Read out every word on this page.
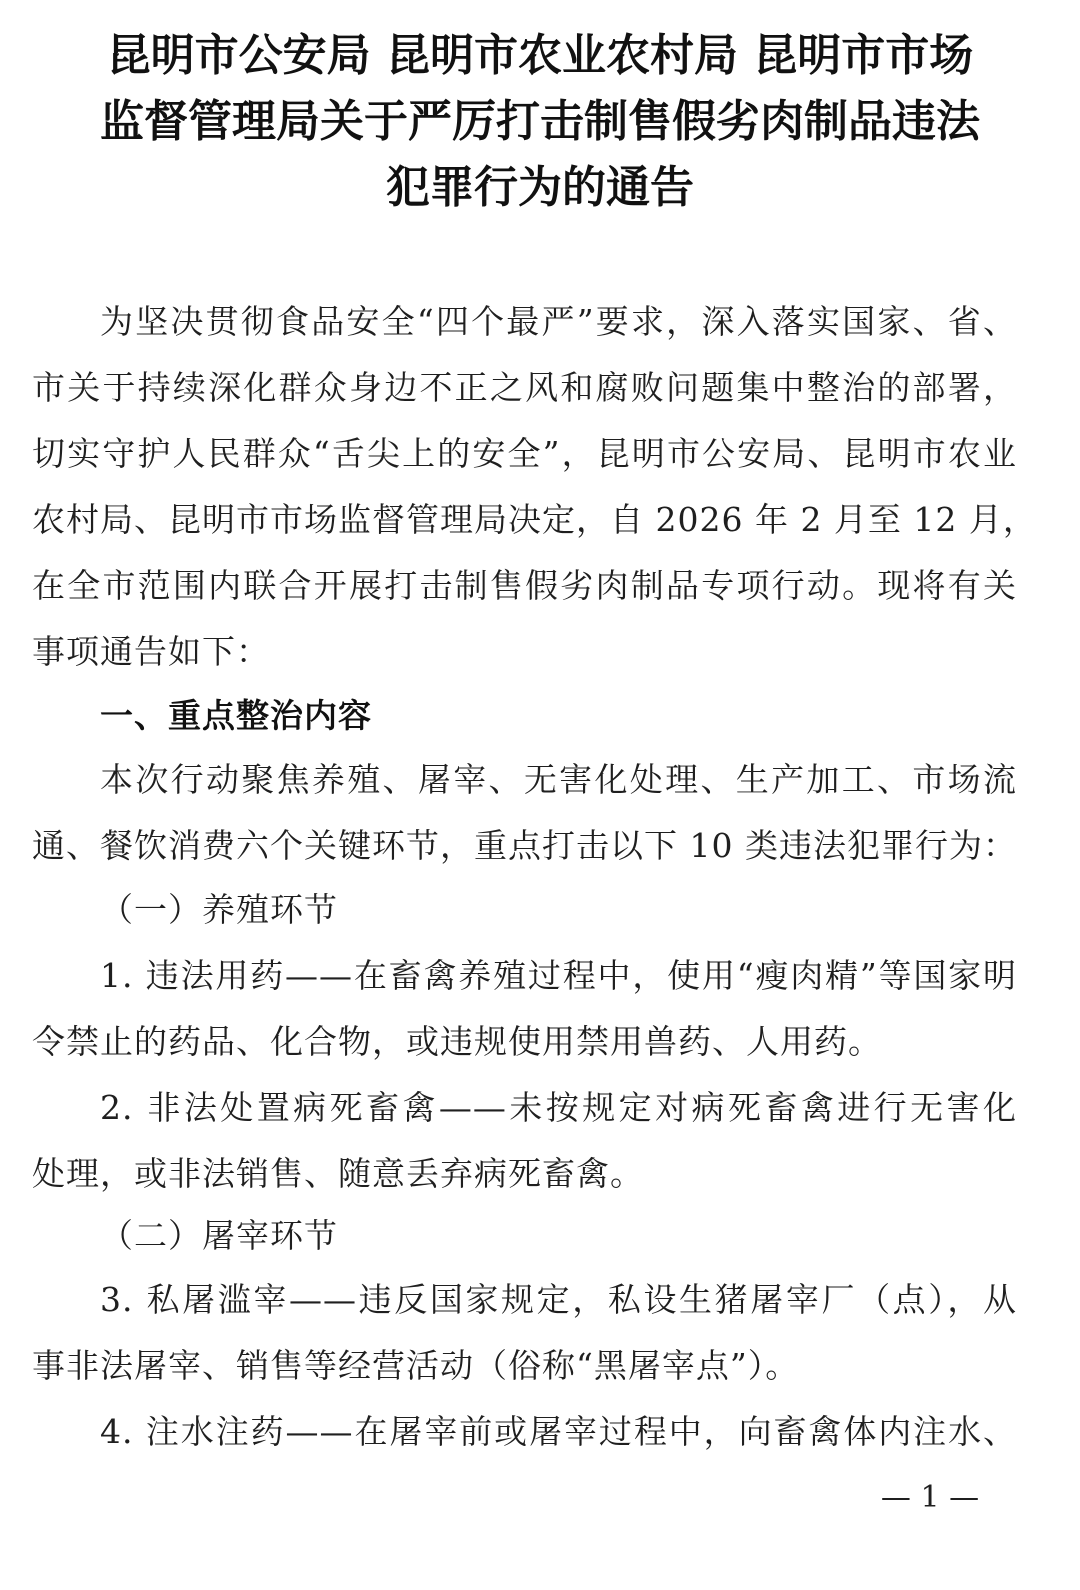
昆明市公安局 昆明市农业农村局 昆明市市场
监督管理局关于严厉打击制售假劣肉制品违法
犯罪行为的通告
为坚决贯彻食品安全“四个最严”要求，深入落实国家、省、
市关于持续深化群众身边不正之风和腐败问题集中整治的部署，
切实守护人民群众“舌尖上的安全”，昆明市公安局、昆明市农业
农村局、昆明市市场监督管理局决定，自 2026 年 2 月至 12 月，
在全市范围内联合开展打击制售假劣肉制品专项行动。现将有关
事项通告如下：
一、重点整治内容
本次行动聚焦养殖、屠宰、无害化处理、生产加工、市场流
通、餐饮消费六个关键环节，重点打击以下 10 类违法犯罪行为：
（一）养殖环节
1. 违法用药——在畜禽养殖过程中，使用“瘦肉精”等国家明
令禁止的药品、化合物，或违规使用禁用兽药、人用药。
2. 非法处置病死畜禽——未按规定对病死畜禽进行无害化
处理，或非法销售、随意丢弃病死畜禽。
（二）屠宰环节
3. 私屠滥宰——违反国家规定，私设生猪屠宰厂（点），从
事非法屠宰、销售等经营活动（俗称“黑屠宰点”）。
4. 注水注药——在屠宰前或屠宰过程中，向畜禽体内注水、
— 1 —
